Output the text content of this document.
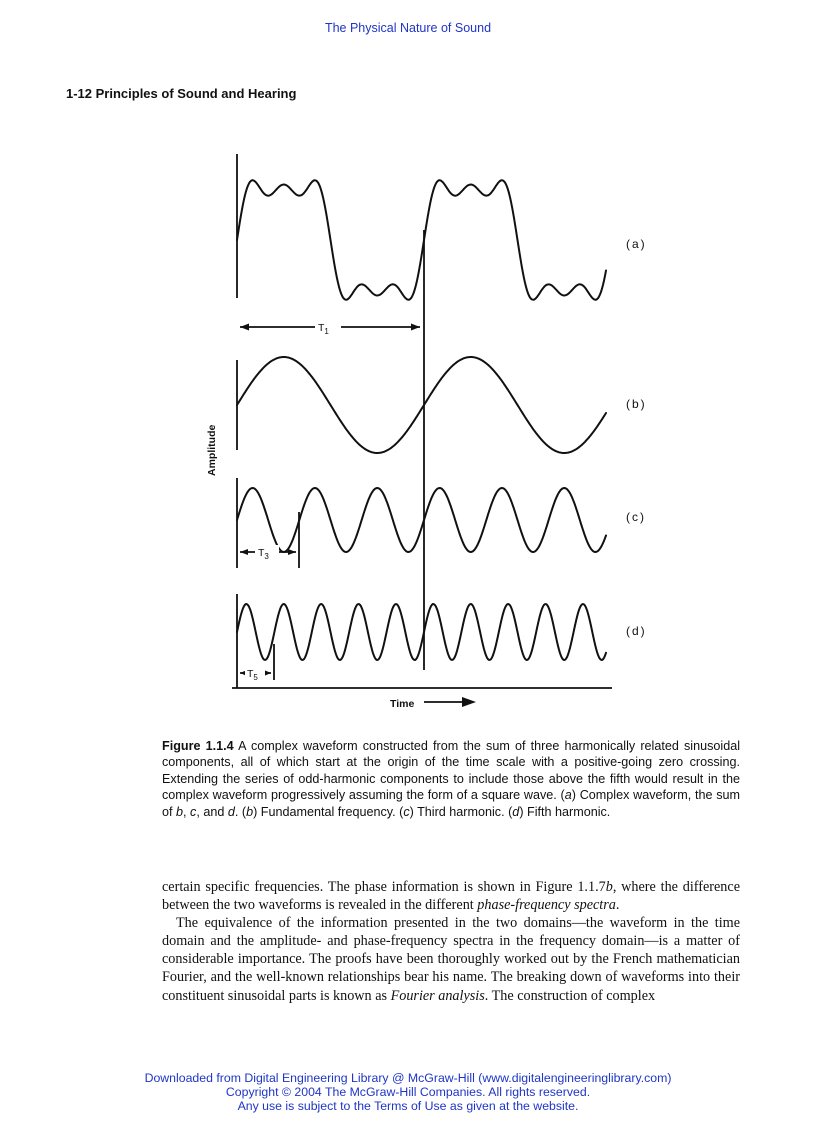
The Physical Nature of Sound
1-12 Principles of Sound and Hearing
$T_1$
$T_3$
$T_5$
(a)
(b)
(c)
(d)
Time
Amplitude
Figure 1.1.4 A complex waveform constructed from the sum of three harmonically related sinusoidal components, all of which start at the origin of the time scale with a positive-going zero crossing. Extending the series of odd-harmonic components to include those above the fifth would result in the complex waveform progressively assuming the form of a square wave. (a) Complex waveform, the sum of b, c, and d. (b) Fundamental frequency. (c) Third harmonic. (d) Fifth harmonic.

certain specific frequencies. The phase information is shown in Figure 1.1.7b, where the difference between the two waveforms is revealed in the different phase-frequency spectra.

The equivalence of the information presented in the two domains—the waveform in the time domain and the amplitude- and phase-frequency spectra in the frequency domain—is a matter of considerable importance. The proofs have been thoroughly worked out by the French mathematician Fourier, and the well-known relationships bear his name. The breaking down of waveforms into their constituent sinusoidal parts is known as Fourier analysis. The construction of complex

Downloaded from Digital Engineering Library @ McGraw-Hill (www.digitalengineeringlibrary.com)
Copyright © 2004 The McGraw-Hill Companies. All rights reserved.
Any use is subject to the Terms of Use as given at the website.
